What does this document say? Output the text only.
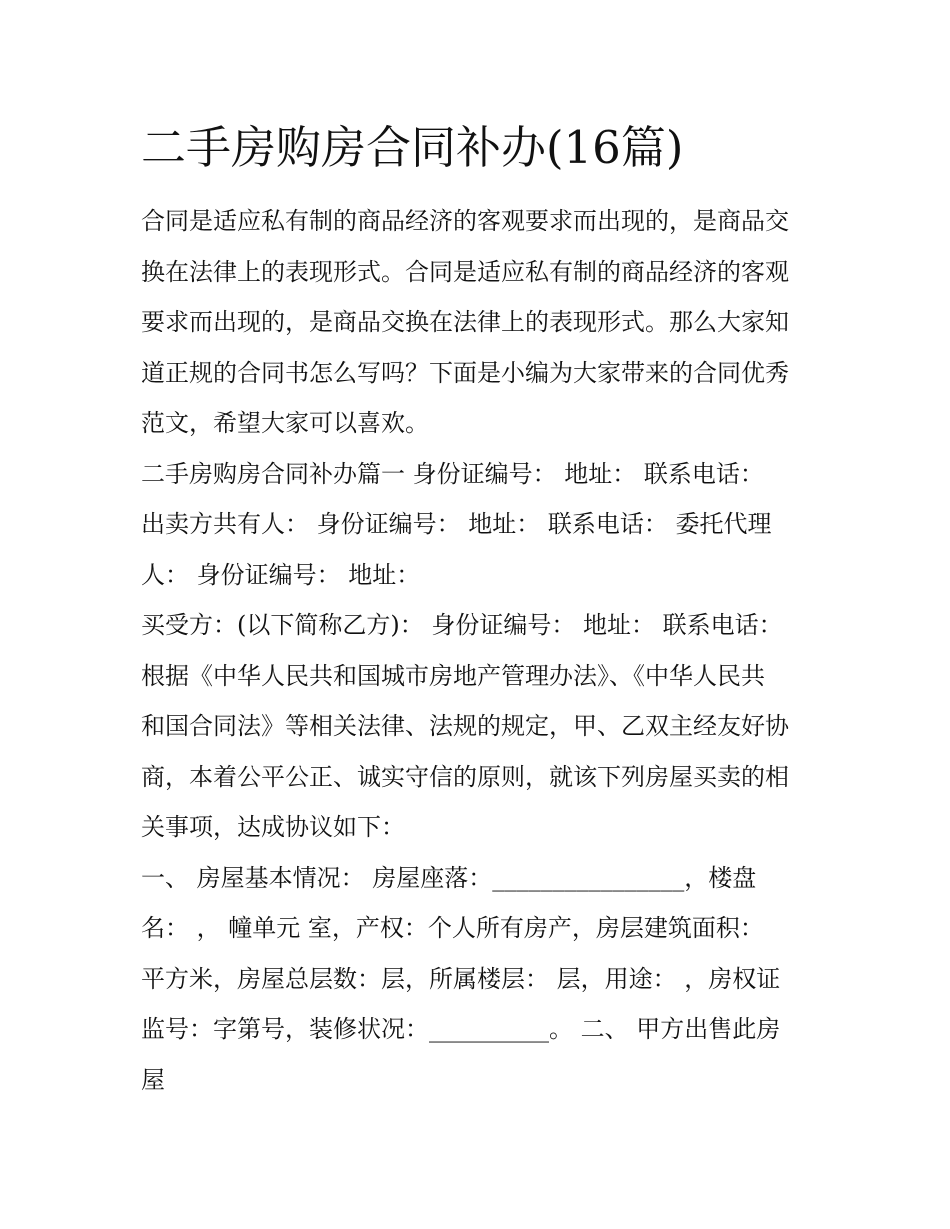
二手房购房合同补办(16篇)
合同是适应私有制的商品经济的客观要求而出现的，是商品交
换在法律上的表现形式。合同是适应私有制的商品经济的客观
要求而出现的，是商品交换在法律上的表现形式。那么大家知
道正规的合同书怎么写吗？下面是小编为大家带来的合同优秀
范文，希望大家可以喜欢。
二手房购房合同补办篇一 身份证编号： 地址： 联系电话：
出卖方共有人： 身份证编号： 地址： 联系电话： 委托代理
人： 身份证编号： 地址：
买受方：(以下简称乙方)： 身份证编号： 地址： 联系电话：
根据《中华人民共和国城市房地产管理办法》、《中华人民共
和国合同法》等相关法律、法规的规定，甲、乙双主经友好协
商，本着公平公正、诚实守信的原则，就该下列房屋买卖的相
关事项，达成协议如下：
一、 房屋基本情况： 房屋座落：________________，楼盘
名： ， 幢单元 室，产权：个人所有房产，房层建筑面积：
平方米，房屋总层数：层，所属楼层： 层，用途： ，房权证
监号：字第号，装修状况：__________。 二、 甲方出售此房
屋
